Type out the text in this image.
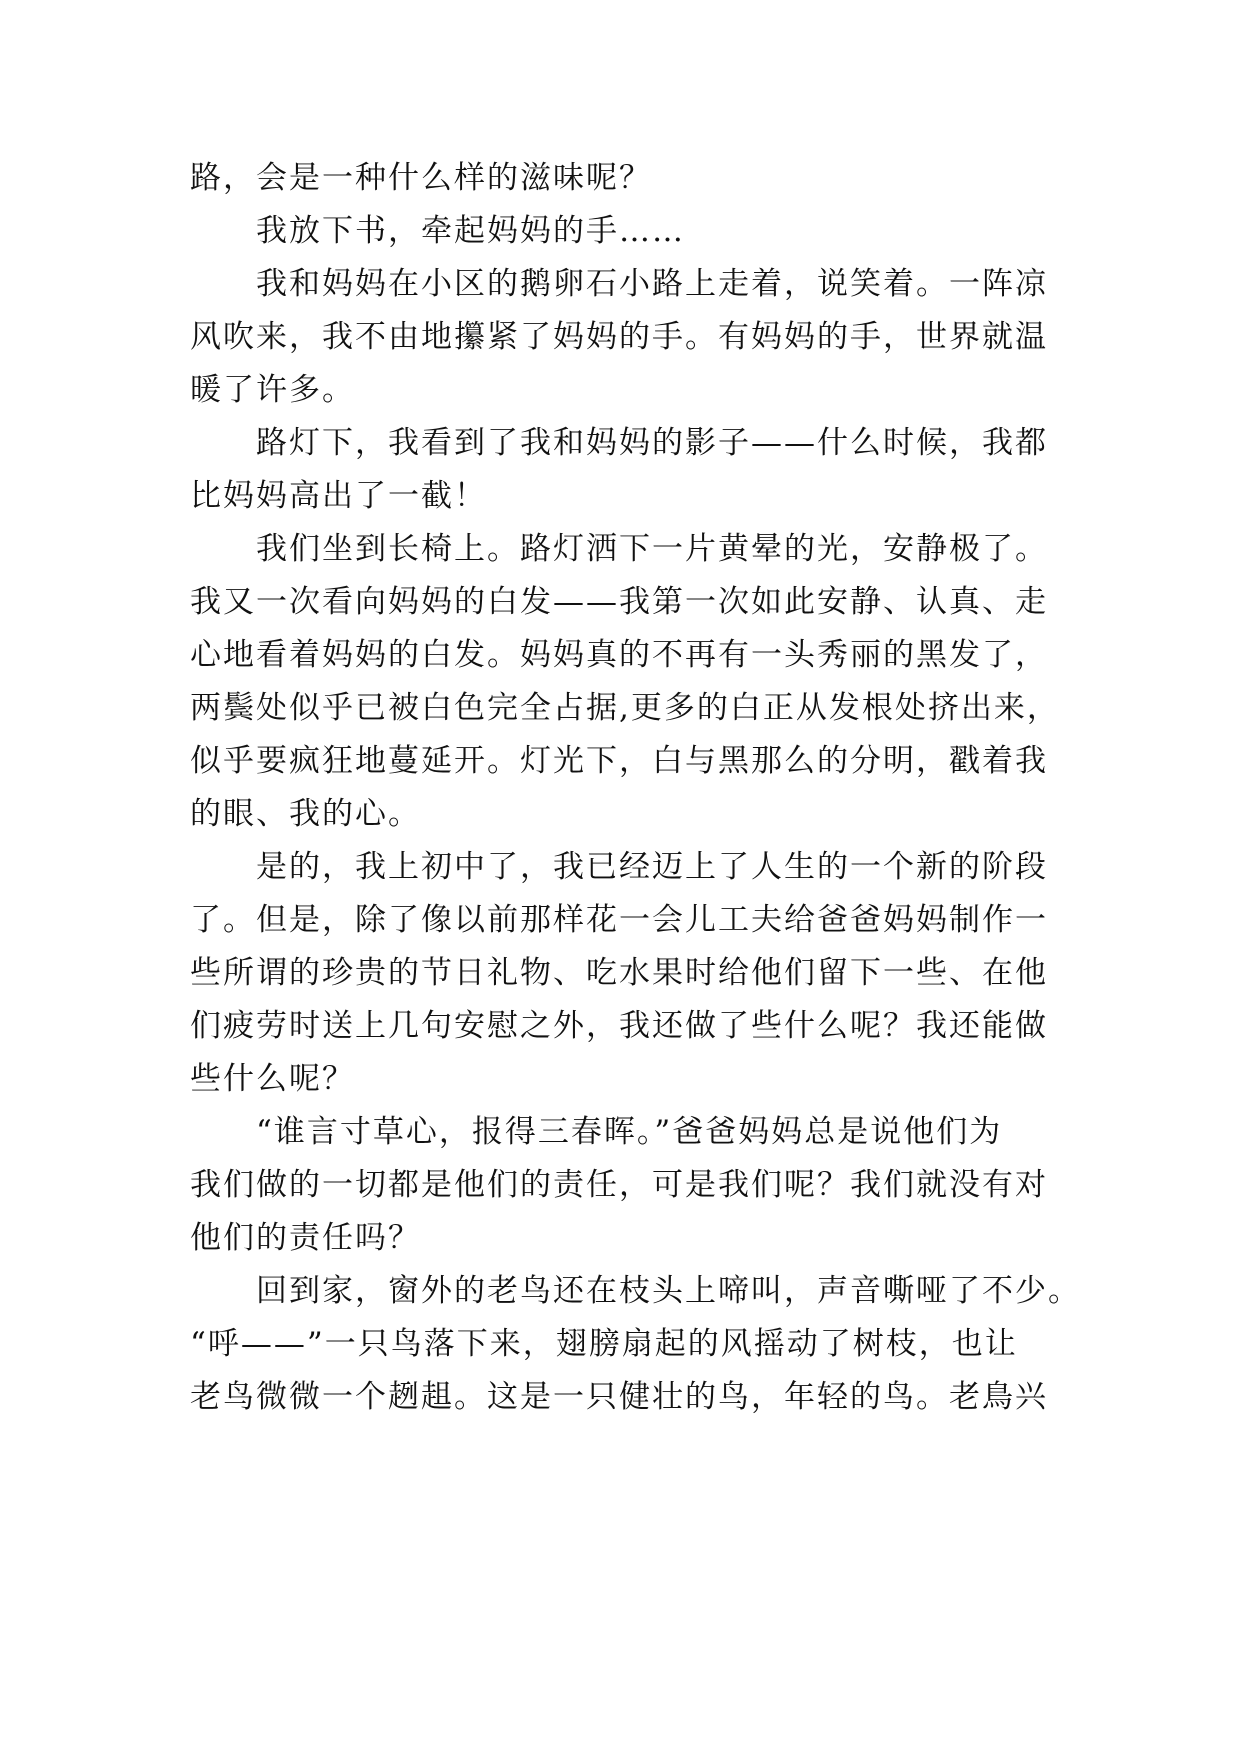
路，会是一种什么样的滋味呢？
我放下书，牵起妈妈的手……
我和妈妈在小区的鹅卵石小路上走着，说笑着。一阵凉
风吹来，我不由地攥紧了妈妈的手。有妈妈的手，世界就温
暖了许多。
路灯下，我看到了我和妈妈的影子——什么时候，我都
比妈妈高出了一截！
我们坐到长椅上。路灯洒下一片黄晕的光，安静极了。
我又一次看向妈妈的白发——我第一次如此安静、认真、走
心地看着妈妈的白发。妈妈真的不再有一头秀丽的黑发了，
两鬓处似乎已被白色完全占据,更多的白正从发根处挤出来，
似乎要疯狂地蔓延开。灯光下，白与黑那么的分明，戳着我
的眼、我的心。
是的，我上初中了，我已经迈上了人生的一个新的阶段
了。但是，除了像以前那样花一会儿工夫给爸爸妈妈制作一
些所谓的珍贵的节日礼物、吃水果时给他们留下一些、在他
们疲劳时送上几句安慰之外，我还做了些什么呢？我还能做
些什么呢？
“谁言寸草心，报得三春晖。”爸爸妈妈总是说他们为
我们做的一切都是他们的责任，可是我们呢？我们就没有对
他们的责任吗？
回到家，窗外的老鸟还在枝头上啼叫，声音嘶哑了不少。
“呼——”一只鸟落下来，翅膀扇起的风摇动了树枝，也让
老鸟微微一个趔趄。这是一只健壮的鸟，年轻的鸟。老鳥兴
